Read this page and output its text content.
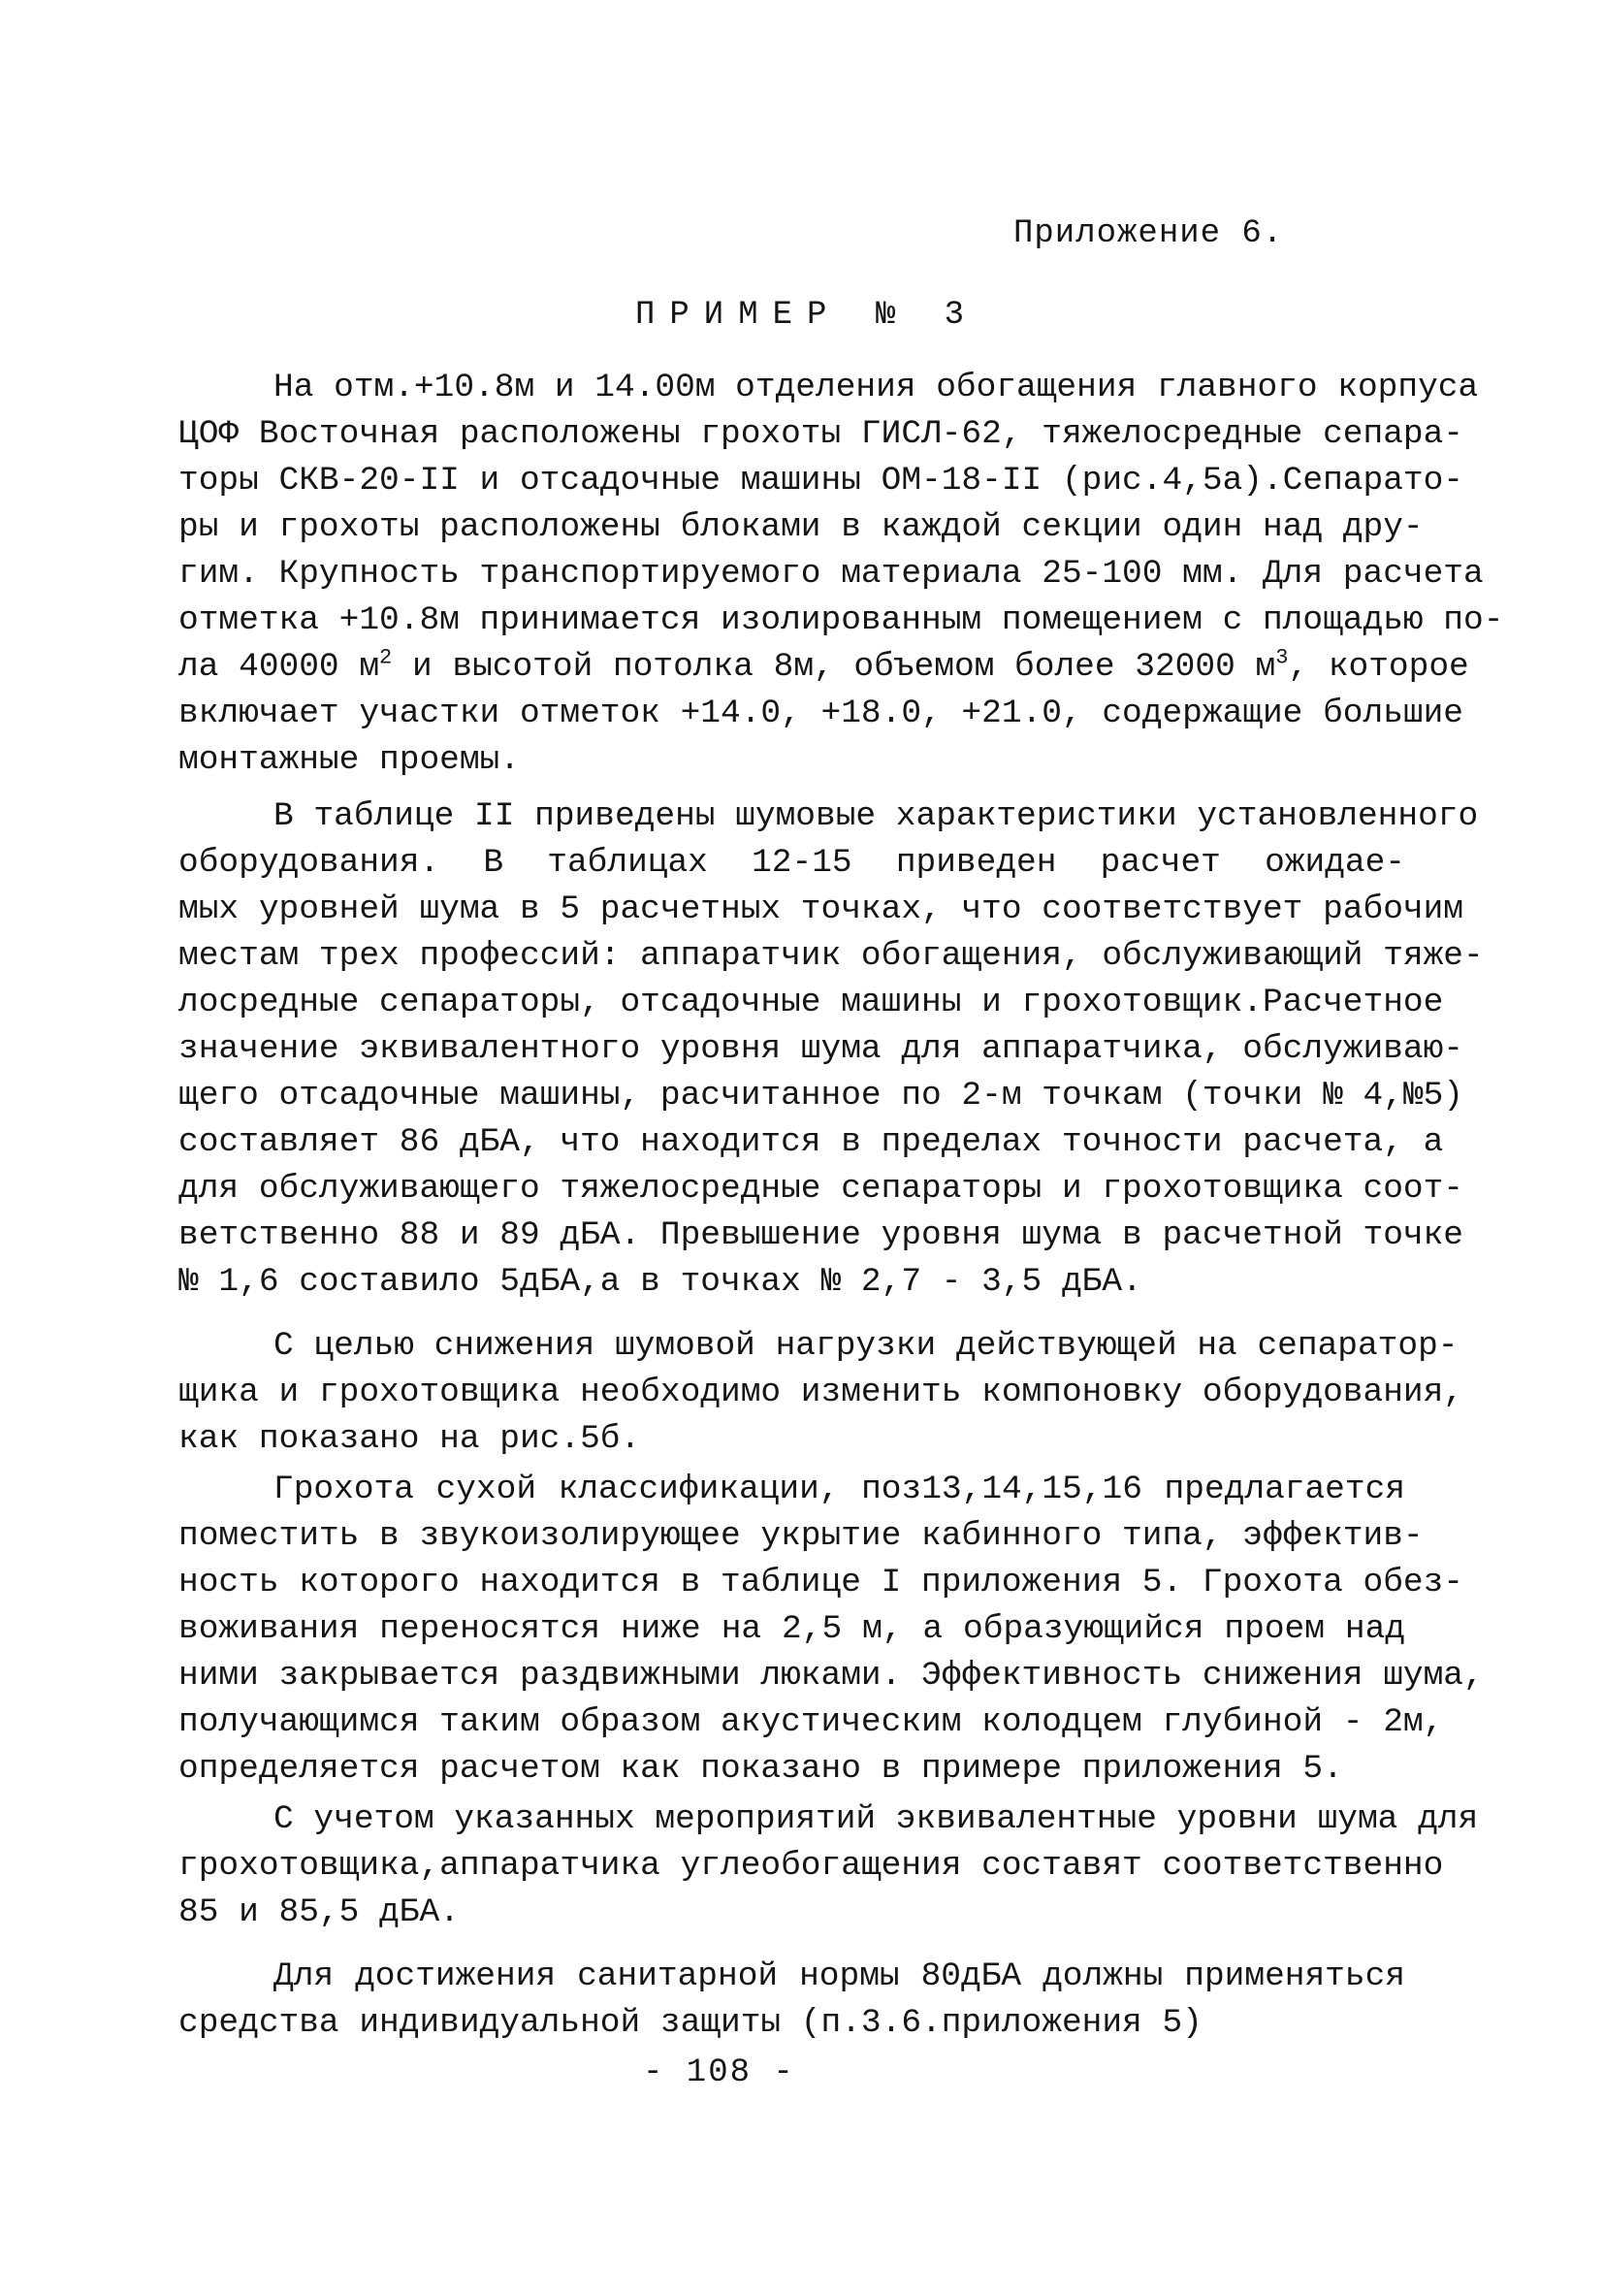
Приложение 6.
ПРИМЕР № 3
На отм.+10.8м и 14.00м отделения обогащения главного корпуса
ЦОФ Восточная расположены грохоты ГИСЛ-62, тяжелосредные сепара-
торы СКВ-20-II и отсадочные машины ОМ-18-II (рис.4,5а).Сепарато-
ры и грохоты расположены блоками в каждой секции один над дру-
гим. Крупность транспортируемого материала 25-100 мм. Для расчета
отметка +10.8м принимается изолированным помещением с площадью по-
ла 40000 $м^2$ и высотой потолка 8м, объемом более 32000 $м^3$, которое
включает участки отметок +14.0, +18.0, +21.0, содержащие большие
монтажные проемы.
В таблице II приведены шумовые характеристики установленного
оборудования. В таблицах 12-15 приведен расчет ожидае-
мых уровней шума в 5 расчетных точках, что соответствует рабочим
местам трех профессий: аппаратчик обогащения, обслуживающий тяже-
лосредные сепараторы, отсадочные машины и грохотовщик.Расчетное
значение эквивалентного уровня шума для аппаратчика, обслуживаю-
щего отсадочные машины, расчитанное по 2-м точкам (точки № 4,№5)
составляет 86 дБА, что находится в пределах точности расчета, а
для обслуживающего тяжелосредные сепараторы и грохотовщика соот-
ветственно 88 и 89 дБА. Превышение уровня шума в расчетной точке
№ 1,6 составило 5дБА,а в точках № 2,7 - 3,5 дБА.
С целью снижения шумовой нагрузки действующей на сепаратор-
щика и грохотовщика необходимо изменить компоновку оборудования,
как показано на рис.5б.
Грохота сухой классификации, поз13,14,15,16 предлагается
поместить в звукоизолирующее укрытие кабинного типа, эффектив-
ность которого находится в таблице I приложения 5. Грохота обез-
воживания переносятся ниже на 2,5 м, а образующийся проем над
ними закрывается раздвижными люками. Эффективность снижения шума,
получающимся таким образом акустическим колодцем глубиной - 2м,
определяется расчетом как показано в примере приложения 5.
С учетом указанных мероприятий эквивалентные уровни шума для
грохотовщика,аппаратчика углеобогащения составят соответственно
85 и 85,5 дБА.
Для достижения санитарной нормы 80дБА должны применяться
средства индивидуальной защиты (п.3.6.приложения 5)
- 108 -
